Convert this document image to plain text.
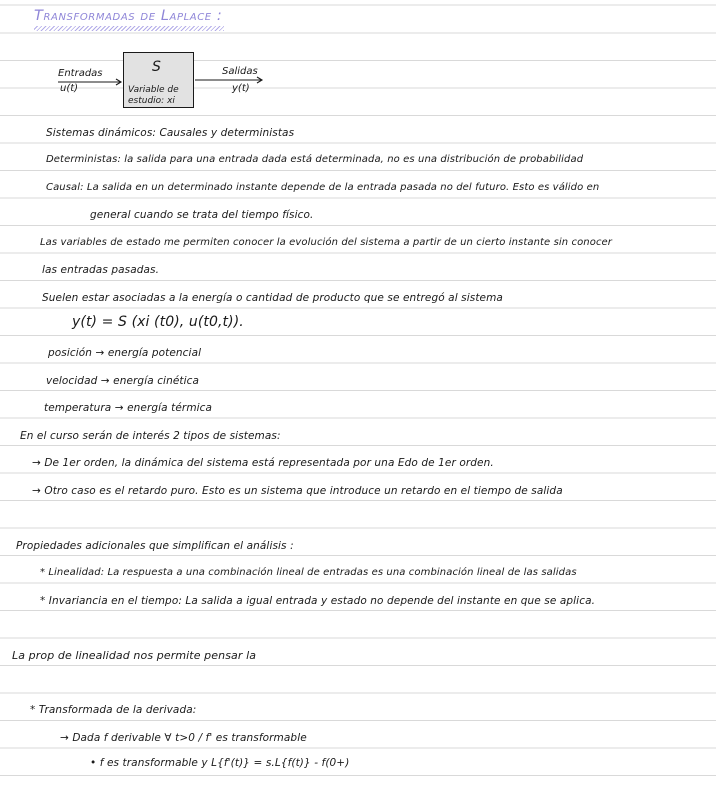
Transformadas de Laplace :
Entradas
u(t)
S
Variable de
estudio: xi
Salidas
y(t)
Sistemas dinámicos: Causales y deterministas
Deterministas: la salida para una entrada dada está determinada, no es una distribución de probabilidad
Causal: La salida en un determinado instante depende de la entrada pasada no del futuro. Esto es válido en
general cuando se trata del tiempo físico.
Las variables de estado me permiten conocer la evolución del sistema a partir de un cierto instante sin conocer
las entradas pasadas.
Suelen estar asociadas a la energía o cantidad de producto que se entregó al sistema
y(t) = S (xi (t0), u(t0,t)).
posición → energía potencial
velocidad → energía cinética
temperatura → energía térmica
En el curso serán de interés 2 tipos de sistemas:
→ De 1er orden, la dinámica del sistema está representada por una Edo de 1er orden.
→ Otro caso es el retardo puro. Esto es un sistema que introduce un retardo en el tiempo de salida
Propiedades adicionales que simplifican el análisis :
* Linealidad: La respuesta a una combinación lineal de entradas es una combinación lineal de las salidas
* Invariancia en el tiempo: La salida a igual entrada y estado no depende del instante en que se aplica.
La prop de linealidad nos permite pensar la
* Transformada de la derivada:
→ Dada f derivable ∀ t>0 / f' es transformable
• f es transformable y L{f'(t)} = s.L{f(t)} - f(0+)
